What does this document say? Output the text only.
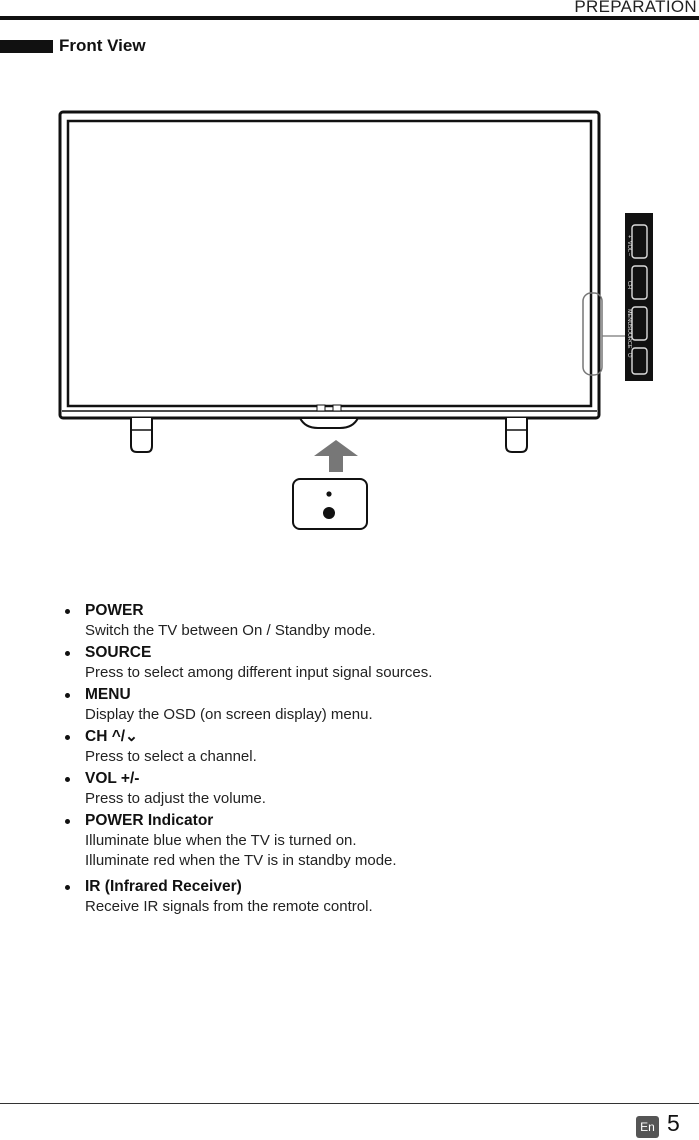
PREPARATION
Front View
+
VOL
–
CH
MENU
SOURCE
⏻
POWER
Switch the TV between On / Standby mode.
SOURCE
Press to select among different input signal sources.
MENU
Display the OSD (on screen display) menu.
CH ^/⌄
Press to select a channel.
VOL +/-
Press to adjust the volume.
POWER Indicator
Illuminate blue when the TV is turned on.
Illuminate red when the TV is in standby mode.
IR (Infrared Receiver)
Receive IR signals from the remote control.
En 5
